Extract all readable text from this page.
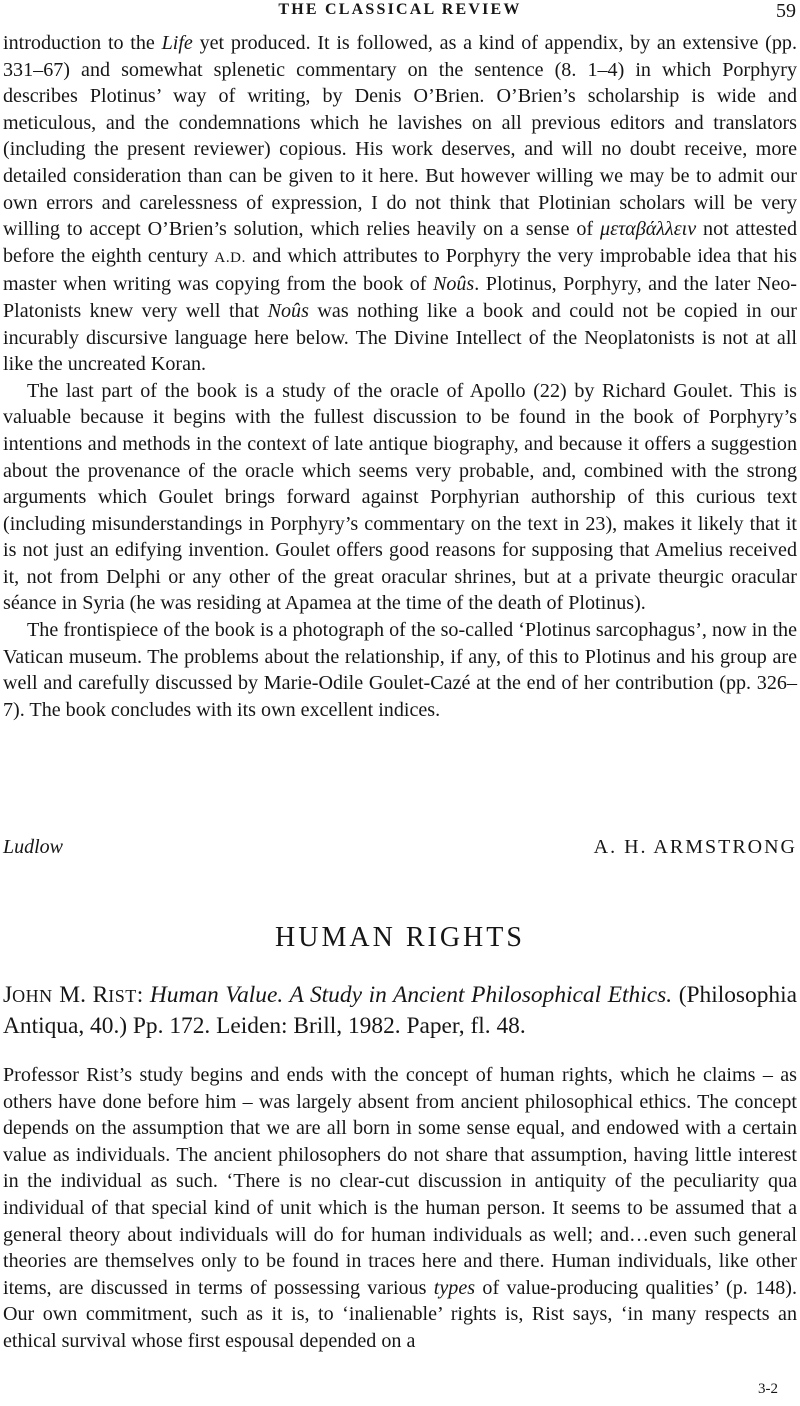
THE CLASSICAL REVIEW	59

introduction to the Life yet produced. It is followed, as a kind of appendix, by an extensive (pp. 331–67) and somewhat splenetic commentary on the sentence (8. 1–4) in which Porphyry describes Plotinus’ way of writing, by Denis O’Brien. O’Brien’s scholarship is wide and meticulous, and the condemnations which he lavishes on all previous editors and translators (including the present reviewer) copious. His work deserves, and will no doubt receive, more detailed consideration than can be given to it here. But however willing we may be to admit our own errors and carelessness of expression, I do not think that Plotinian scholars will be very willing to accept O’Brien’s solution, which relies heavily on a sense of μεταβάλλειν not attested before the eighth century A.D. and which attributes to Porphyry the very improbable idea that his master when writing was copying from the book of Noûs. Plotinus, Porphyry, and the later Neo-Platonists knew very well that Noûs was nothing like a book and could not be copied in our incurably discursive language here below. The Divine Intellect of the Neoplatonists is not at all like the uncreated Koran.

The last part of the book is a study of the oracle of Apollo (22) by Richard Goulet. This is valuable because it begins with the fullest discussion to be found in the book of Porphyry’s intentions and methods in the context of late antique biography, and because it offers a suggestion about the provenance of the oracle which seems very probable, and, combined with the strong arguments which Goulet brings forward against Porphyrian authorship of this curious text (including misunderstandings in Porphyry’s commentary on the text in 23), makes it likely that it is not just an edifying invention. Goulet offers good reasons for supposing that Amelius received it, not from Delphi or any other of the great oracular shrines, but at a private theurgic oracular séance in Syria (he was residing at Apamea at the time of the death of Plotinus).

The frontispiece of the book is a photograph of the so-called ‘Plotinus sarcophagus’, now in the Vatican museum. The problems about the relationship, if any, of this to Plotinus and his group are well and carefully discussed by Marie-Odile Goulet-Cazé at the end of her contribution (pp. 326–7). The book concludes with its own excellent indices.

Ludlow	A. H. ARMSTRONG
HUMAN RIGHTS
JOHN M. RIST: Human Value. A Study in Ancient Philosophical Ethics. (Philosophia Antiqua, 40.) Pp. 172. Leiden: Brill, 1982. Paper, fl. 48.

Professor Rist’s study begins and ends with the concept of human rights, which he claims – as others have done before him – was largely absent from ancient philosophical ethics. The concept depends on the assumption that we are all born in some sense equal, and endowed with a certain value as individuals. The ancient philosophers do not share that assumption, having little interest in the individual as such. ‘There is no clear-cut discussion in antiquity of the peculiarity qua individual of that special kind of unit which is the human person. It seems to be assumed that a general theory about individuals will do for human individuals as well; and…even such general theories are themselves only to be found in traces here and there. Human individuals, like other items, are discussed in terms of possessing various types of value-producing qualities’ (p. 148). Our own commitment, such as it is, to ‘inalienable’ rights is, Rist says, ‘in many respects an ethical survival whose first espousal depended on a

3-2
